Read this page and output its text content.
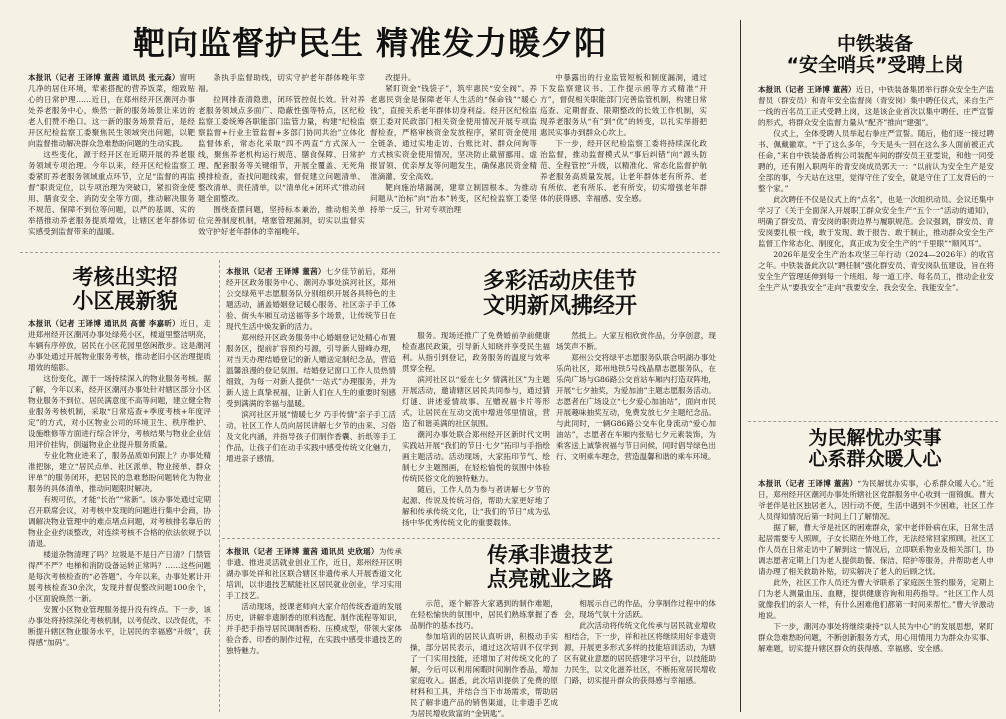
靶向监督护民生 精准发力暖夕阳

本报讯（记者 王译博 董茜 通讯员 张元森）窗明几净的居住环境，荤素搭配的营养饭菜，细致贴心的日常护理……近日，在郑州经开区潮河办事处养老服务中心，焕然一新的服务场景让来访的老人们赞不绝口。这一新的服务场景背后，是经开区纪检监察工委聚焦民生领域突出问题，以靶向监督推动解决群众急难愁盼问题的生动实践。

这些变化，源于经开区在近期开展的养老服务领域专项治理。今年以来，经开区纪检监察工委紧盯养老服务领域重点环节，立足“监督的再监督”职责定位，以专项治理为突破口，紧扣资金使用、膳食安全、消防安全等方面，推动解决服务不规范、保障不到位等问题，以严的基调、实的举措推动养老服务提质增效，让辖区老年群体切实感受到监督带来的温暖。

条执手监督助线，切实守护老年群体晚年幸福。

拉网排查清隐患，闭环管控促长效。针对养老服务领域点多面广、隐蔽性强等特点，区纪检监察工委统筹各职能部门监管力量，构建“纪检监察监督+行业主管监督+多部门协同共治”立体化监督体系，常态化采取“四不两直”方式深入一线，聚焦养老机构运行规范、膳食保障、日常护理、配套服务等关键细节，开展全覆盖、无死角摸排检查，查找问题线索，督促建立问题清单、整改清单、责任清单，以“清单化+闭环式”推动问题全面整改。

围绕查摆问题，坚持标本兼治，推动相关单位完善制度机制，堵塞管理漏洞，切实以监督实效守护好老年群体的幸福晚年。

改提升。

紧盯资金“钱袋子”，筑牢惠民“安全阀”。养老惠民资金是保障老年人生活的“保命钱”“暖心钱”，直接关系老年群体切身利益。经开区纪检监察工委对民政部门相关资金使用情况开展专项监督检查，严格审核资金发放程序，紧盯资金使用全链条、通过实地走访、台账比对、群众问询等方式核实资金使用情况，坚决防止截留挪用、虚报冒领、优亲厚友等问题发生，确保惠民资金精准滴灌、安全高效。

靶向施治堵漏洞，建章立制固根本。为推动问题从“治标”向“治本”转变，区纪检监察工委坚持举一反三，针对专项治理

中暴露出的行业监管短板和制度漏洞，通过下发监察建议书、工作提示函等方式精准“开方”，督促相关职能部门完善监管机制，构建日常巡查、定期督查、限期整改的长效工作机制，实现养老服务从“有”到“优”的转变，以扎实举措把惠民实事办到群众心坎上。

下一步，经开区纪检监察工委将持续深化政治监督，推动监督模式从“事后纠错”向“源头防范、全程管控”升级，以精准化、常态化监督护航养老服务高质量发展，让老年群体老有所养、老有所依、老有所乐、老有所安，切实增强老年群体的获得感、幸福感、安全感。

考核出实招
小区展新貌

本报讯（记者 王译博 通讯员 高蕾 李嘉昕）近日，走进郑州经开区潮河办事处绿苑小区，楼道里整洁明亮，车辆有序停放，居民在小区花园里悠闲散步。这是潮河办事处通过开展物业服务考核，推动老旧小区治理提质增效的缩影。

这份变化，源于一场持续深入的物业服务考核。据了解，今年以来，经开区潮河办事处针对辖区部分小区物业服务不到位、居民满意度不高等问题，建立健全物业服务考核机制，采取“日常巡查+季度考核+年度评定”的方式，对小区物业公司的环境卫生、秩序维护、设施维修等方面进行综合评分，考核结果与物业企业信用评价挂钩，倒逼物业企业提升服务质量。

专业化物业进来了，服务品质如何跟上？办事处精准把脉，建立“居民点单、社区派单、物业接单、群众评单”的服务闭环，把居民的急难愁盼问题转化为物业服务的具体清单，推动问题限时解决。

有规可依，才能“长治”“常新”。该办事处通过定期召开联席会议，对考核中发现的问题进行集中会商，协调解决物业管理中的难点堵点问题，对考核排名靠后的物业企业约谈整改，对连续考核不合格的依法依规予以清退。

楼道杂物清理了吗？垃圾是不是日产日清？门禁管得严不严？电梯和消防设备运转正常吗？……这些问题是每次考核检查的“必答题”。今年以来，办事处累计开展考核检查30余次，发现并督促整改问题100余个，小区面貌焕然一新。

安置小区物业管理服务提升没有终点。下一步，该办事处将持续深化考核机制，以考促改、以改促优，不断提升辖区物业服务水平，让居民的幸福感“升级”，获得感“加码”。

本报讯（记者 王译博 董茜）七夕佳节前后，郑州经开区政务服务中心、潮河办事处滨河社区，郑州公交绿苑平志愿服务队分别组织开展各具特色的主题活动，涵盖婚姻登记暖心服务、社区亲子手工体验、街头车厢互动送福等多个场景，让传统节日在现代生活中焕发新的活力。

郑州经开区政务服务中心婚姻登记处精心布置服务区，提前扩容预约号源，引导新人错峰办理，对当天办理结婚登记的新人赠送定制纪念品，营造温馨浪漫的登记氛围。结婚登记窗口工作人员热情细致，为每一对新人提供“一站式”办理服务，并为新人送上真挚祝福，让新人们在人生的重要时刻感受到满满的幸福与温暖。

滨河社区开展“情暖七夕 巧手传情”亲子手工活动，社区工作人员向居民讲解七夕节的由来、习俗及文化内涵，并指导孩子们制作香囊、折纸等手工作品，让孩子们在动手实践中感受传统文化魅力，增进亲子感情。

多彩活动庆佳节
文明新风拂经开

服务。现场还推广了免费婚前孕前健康检查惠民政策，引导新人知晓并享受民生福利。从指引到登记，政务服务的温度与效率贯穿全程。

滨河社区以“爱在七夕 情满社区”为主题开展活动，邀请辖区居民共同参与，通过猜灯谜、讲述爱情故事、互赠祝福卡片等形式，让居民在互动交流中增进邻里情谊，营造了和谐美满的社区氛围。

潮河办事处联合郑州经开区新时代文明实践站开展“我们的节日·七夕”拓印与手指绘画主题活动。活动现场，大家拓印节气、绘制七夕主题图画，在轻松愉悦的氛围中体验传统民俗文化的独特魅力。

随后，工作人员为参与者讲解七夕节的起源、传说及传统习俗，帮助大家更好地了解和传承传统文化，让“我们的节日”成为弘扬中华优秀传统文化的重要载体。

然抵上。大家互相欣赏作品，分享创意，现场笑声不断。

郑州公交将绿平志愿服务队联合明湖办事处乐尚社区，郑州地铁5号线晶鼎志愿服务队，在乐尚广场与G86路公交首站车厢内打造双阵地，开展“七夕抽奖，为爱加油”主题志愿服务活动。志愿者在广场设立“七夕爱心加油站”，面向市民开展趣味抽奖互动，免费发放七夕主题纪念品。与此同时，一辆G86路公交车化身流动“爱心加油站”，志愿者在车厢内张贴七夕元素装饰，为乘客送上诚挚祝福与节日问候，同时倡导绿色出行、文明乘车理念，营造温馨和谐的乘车环境。

本报讯（记者 王译博 董茜 通讯员 史欣瑶）为传承非遗、推进灵活就业创业工作，近日，郑州经开区明湖办事处祥和社区联合辖区非遗传承人开展香道文化培训，以非遗技艺赋能社区居民就业创业，学习实用手工技艺。

活动现场，授课老师向大家介绍传统香道的发展历史，讲解非遗制香的原料选配、制作流程等知识，并手把手指导居民调制香粉、压模成型，带领大家体验合香、印香的制作过程，在实践中感受非遗技艺的独特魅力。

传承非遗技艺
点亮就业之路

示范，逐个解答大家遇到的制作难题，在轻松愉快的氛围中，居民们熟练掌握了香品制作的基本技巧。

参加培训的居民认真听讲，积极动手实操，部分居民表示，通过这次培训不仅学到了一门实用技能，还增加了对传统文化的了解，今后可以利用闲暇时间制作香品，增加家庭收入。据悉，此次培训提供了免费的原材料和工具，并结合当下市场需求，帮助居民了解非遗产品的销售渠道，让非遗手艺成为居民增收致富的“金钥匙”。

相展示自己的作品，分享制作过程中的体会，现场气氛十分活跃。

此次活动将传统文化传承与居民就业增收相结合，下一步，祥和社区将继续用好非遗资源，开展更多形式多样的技能培训活动，为辖区有就业意愿的居民搭建学习平台，以技能助力民生，以文化滋养社区，不断拓宽居民增收门路，切实提升群众的获得感与幸福感。

中铁装备
“安全哨兵”受聘上岗

本报讯（记者 王译博 董茜）近日，中铁装备集团举行群众安全生产监督员（群安员）和青年安全监督岗（青安岗）集中聘任仪式，来自生产一线的百名员工正式受聘上岗，这是该企业首次以集中聘任、庄严宣誓的形式，将群众安全监督力量从“配齐”推向“建强”。

仪式上，全体受聘人员举起右拳庄严宣誓。随后，他们逐一接过聘书、佩戴徽章。“干了这么多年，今天是头一回在这么多人面前被正式任命，”来自中铁装备盾构公司装配车间的群安员王亚雯说，和他一同受聘的，还有刚入职两年的青安岗成员郭天一：“以前认为安全生产是安全部的事，今天站在这里，觉得守住了安全，就是守住了工友背后的一整个家。”

此次聘任不仅是仪式上的“点名”，也是一次组织动员。会议还集中学习了《关于全面深入开展职工群众安全生产“五个一”活动的通知》，明确了群安员、青安岗的职责边界与履职规范。会议强调，群安员、青安岗要扎根一线，敢于发现、敢于报告、敢于制止，推动群众安全生产监督工作常态化、制度化，真正成为安全生产的“千里眼”“顺风耳”。

2026年是安全生产治本攻坚三年行动（2024—2026年）的收官之年。中铁装备此次以“聘任制”强化群安员、青安岗队伍建设，旨在将安全生产管理延伸到每一个班组、每一道工序、每名员工，推动企业安全生产从“要我安全”走向“我要安全、我会安全、我能安全”。

为民解忧办实事
心系群众暖人心

本报讯（记者 王译博 董茜）“为民解忧办实事，心系群众暖人心。”近日，郑州经开区潮河办事处所辖社区党群服务中心收到一面锦旗。曹大爷老伴是社区独居老人，因行动不便，生活中遇到不少困难，社区工作人员得知情况后第一时间上门了解情况。

据了解，曹大爷是社区的困难群众，家中老伴卧病在床，日常生活起居需要专人照顾，子女长期在外地工作，无法经常回家照顾。社区工作人员在日常走访中了解到这一情况后，立即联系物业及相关部门，协调志愿者定期上门为老人提供助餐、保洁、陪护等服务，并帮助老人申请办理了相关救助补贴，切实解决了老人的后顾之忧。

此外，社区工作人员还为曹大爷联系了家庭医生签约服务，定期上门为老人测量血压、血糖，提供健康咨询和用药指导。“社区工作人员就像我们的亲人一样，有什么困难他们都第一时间来帮忙。”曹大爷激动地说。

下一步，潮河办事处将继续秉持“以人民为中心”的发展思想，紧盯群众急难愁盼问题，不断创新服务方式，用心用情用力为群众办实事、解难题，切实提升辖区群众的获得感、幸福感、安全感。
